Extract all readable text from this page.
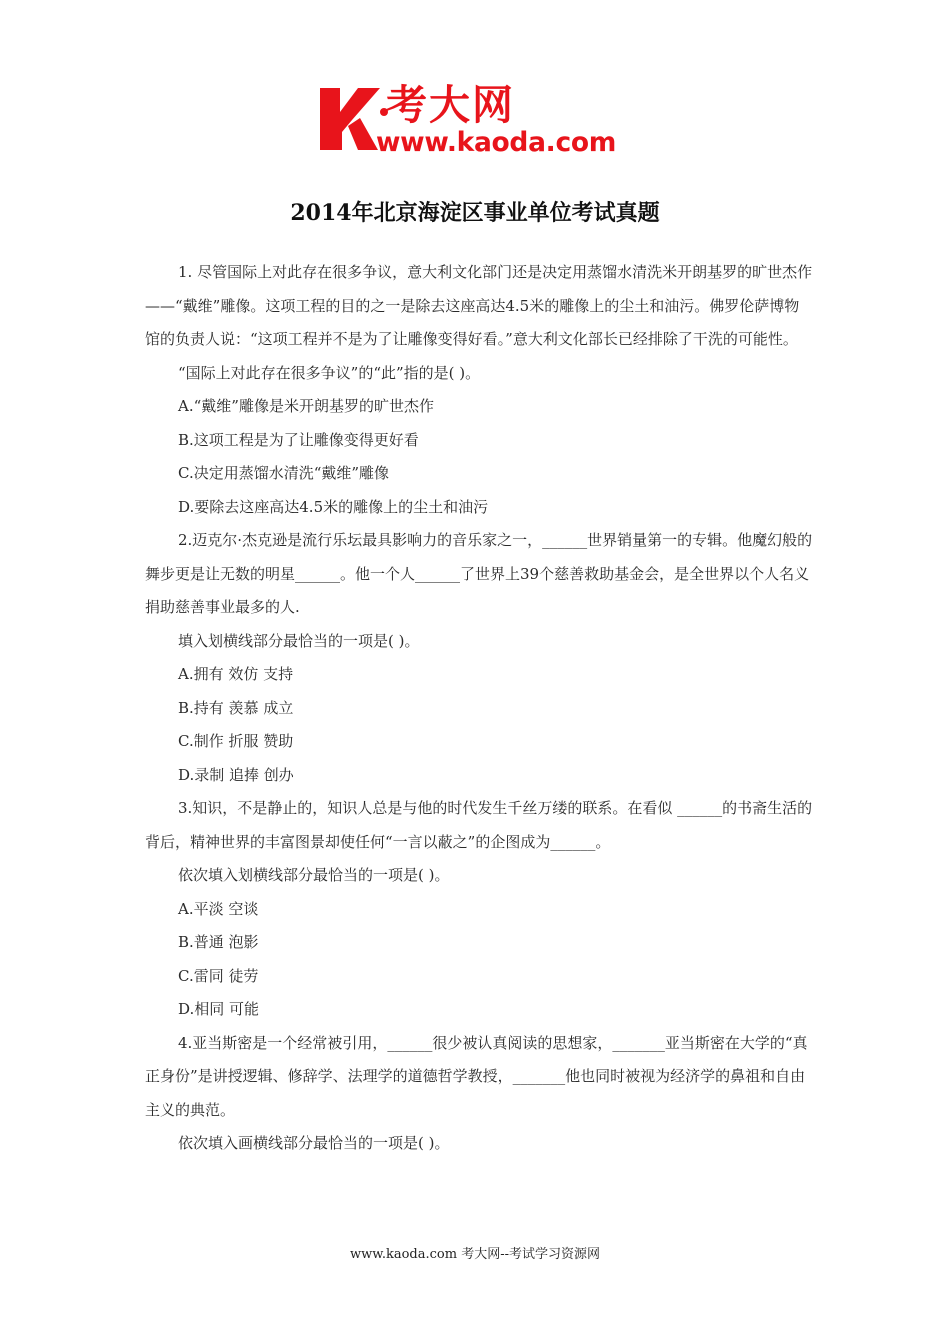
考大网
www.kaoda.com
2014年北京海淀区事业单位考试真题

1. 尽管国际上对此存在很多争议，意大利文化部门还是决定用蒸馏水清洗米开朗基罗的旷世杰作——“戴维”雕像。这项工程的目的之一是除去这座高达4.5米的雕像上的尘土和油污。佛罗伦萨博物馆的负责人说：“这项工程并不是为了让雕像变得好看。”意大利文化部长已经排除了干洗的可能性。

“国际上对此存在很多争议”的“此”指的是( )。

A.“戴维”雕像是米开朗基罗的旷世杰作

B.这项工程是为了让雕像变得更好看

C.决定用蒸馏水清洗“戴维”雕像

D.要除去这座高达4.5米的雕像上的尘土和油污

2.迈克尔·杰克逊是流行乐坛最具影响力的音乐家之一，______世界销量第一的专辑。他魔幻般的舞步更是让无数的明星______。他一个人______了世界上39个慈善救助基金会，是全世界以个人名义捐助慈善事业最多的人.

填入划横线部分最恰当的一项是( )。

A.拥有 效仿 支持

B.持有 羡慕 成立

C.制作 折服 赞助

D.录制 追捧 创办

3.知识，不是静止的，知识人总是与他的时代发生千丝万缕的联系。在看似 ______的书斋生活的背后，精神世界的丰富图景却使任何“一言以蔽之”的企图成为______。

依次填入划横线部分最恰当的一项是( )。

A.平淡 空谈

B.普通 泡影

C.雷同 徒劳

D.相同 可能

4.亚当斯密是一个经常被引用，______很少被认真阅读的思想家，_______亚当斯密在大学的“真正身份”是讲授逻辑、修辞学、法理学的道德哲学教授，_______他也同时被视为经济学的鼻祖和自由主义的典范。

依次填入画横线部分最恰当的一项是( )。

www.kaoda.com 考大网--考试学习资源网
